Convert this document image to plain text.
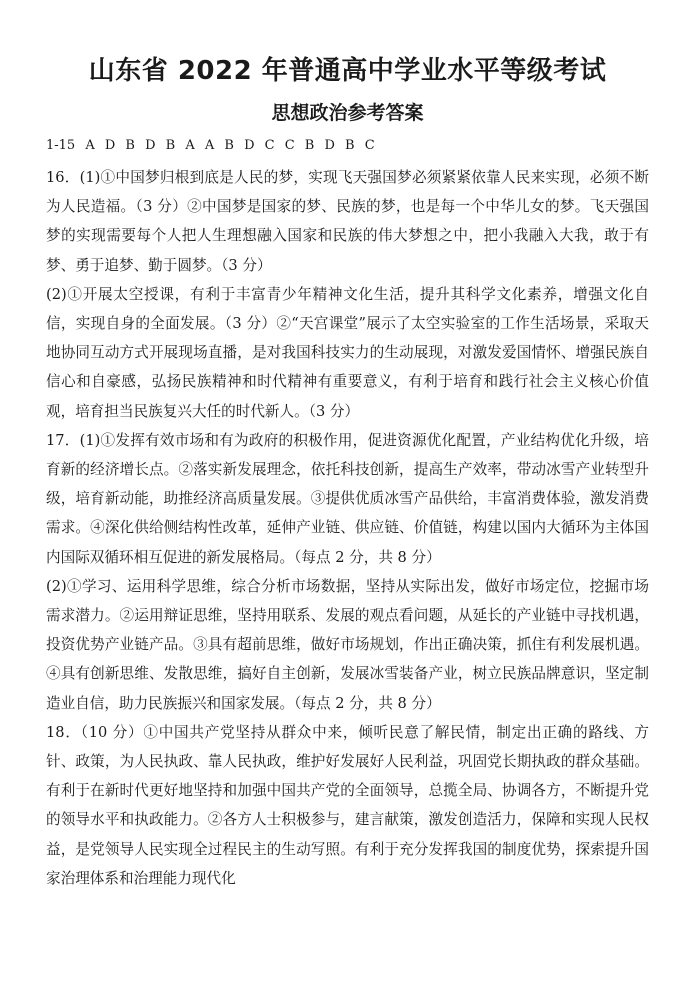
山东省 2022 年普通高中学业水平等级考试
思想政治参考答案
1-15 A D B D B A A B D C C B D B C

16．(1)①中国梦归根到底是人民的梦，实现飞天强国梦必须紧紧依靠人民来实现，必须不断为人民造福。（3 分）②中国梦是国家的梦、民族的梦，也是每一个中华儿女的梦。飞天强国梦的实现需要每个人把人生理想融入国家和民族的伟大梦想之中，把小我融入大我，敢于有梦、勇于追梦、勤于圆梦。（3 分）

(2)①开展太空授课，有利于丰富青少年精神文化生活，提升其科学文化素养，增强文化自信，实现自身的全面发展。（3 分）②“天宫课堂”展示了太空实验室的工作生活场景，采取天地协同互动方式开展现场直播，是对我国科技实力的生动展现，对激发爱国情怀、增强民族自信心和自豪感，弘扬民族精神和时代精神有重要意义，有利于培育和践行社会主义核心价值观，培育担当民族复兴大任的时代新人。（3 分）

17．(1)①发挥有效市场和有为政府的积极作用，促进资源优化配置，产业结构优化升级，培育新的经济增长点。②落实新发展理念，依托科技创新，提高生产效率，带动冰雪产业转型升级，培育新动能，助推经济高质量发展。③提供优质冰雪产品供给，丰富消费体验，激发消费需求。④深化供给侧结构性改革，延伸产业链、供应链、价值链，构建以国内大循环为主体国内国际双循环相互促进的新发展格局。（每点 2 分，共 8 分）

(2)①学习、运用科学思维，综合分析市场数据，坚持从实际出发，做好市场定位，挖掘市场需求潜力。②运用辩证思维，坚持用联系、发展的观点看问题，从延长的产业链中寻找机遇，投资优势产业链产品。③具有超前思维，做好市场规划，作出正确决策，抓住有利发展机遇。④具有创新思维、发散思维，搞好自主创新，发展冰雪装备产业，树立民族品牌意识，坚定制造业自信，助力民族振兴和国家发展。（每点 2 分，共 8 分）

18．（10 分）①中国共产党坚持从群众中来，倾听民意了解民情，制定出正确的路线、方针、政策，为人民执政、靠人民执政，维护好发展好人民利益，巩固党长期执政的群众基础。有利于在新时代更好地坚持和加强中国共产党的全面领导，总揽全局、协调各方，不断提升党的领导水平和执政能力。②各方人士积极参与，建言献策，激发创造活力，保障和实现人民权益，是党领导人民实现全过程民主的生动写照。有利于充分发挥我国的制度优势，探索提升国家治理体系和治理能力现代化
